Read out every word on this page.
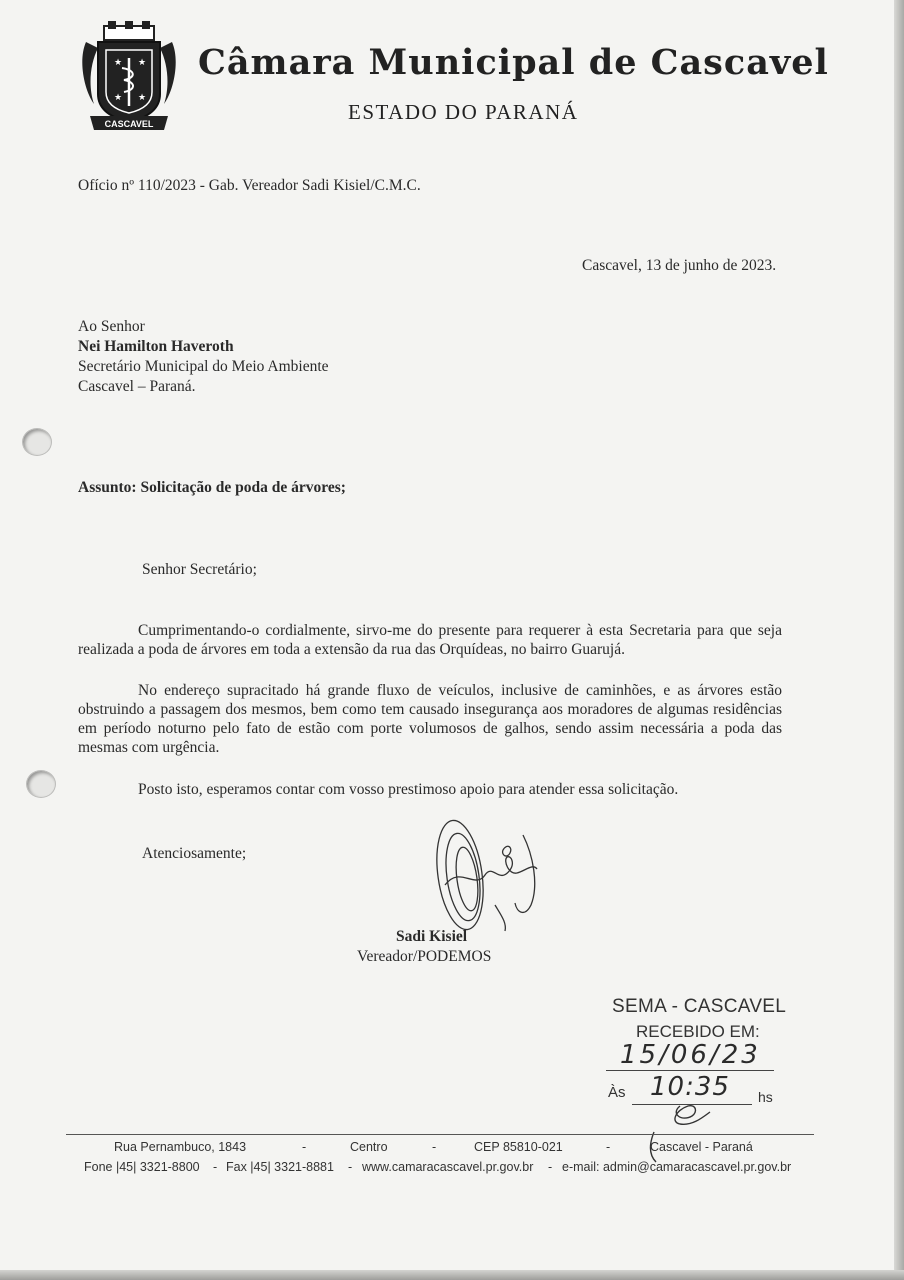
★ ★
★ ★
CASCAVEL
Câmara Municipal de Cascavel
ESTADO DO PARANÁ
Ofício nº 110/2023 - Gab. Vereador Sadi Kisiel/C.M.C.
Cascavel, 13 de junho de 2023.
Ao Senhor
Nei Hamilton Haveroth
Secretário Municipal do Meio Ambiente
Cascavel – Paraná.
Assunto: Solicitação de poda de árvores;
Senhor Secretário;

Cumprimentando-o cordialmente, sirvo-me do presente para requerer à esta Secretaria para que seja realizada a poda de árvores em toda a extensão da rua das Orquídeas, no bairro Guarujá.

No endereço supracitado há grande fluxo de veículos, inclusive de caminhões, e as árvores estão obstruindo a passagem dos mesmos, bem como tem causado insegurança aos moradores de algumas residências em período noturno pelo fato de estão com porte volumosos de galhos, sendo assim necessária a poda das mesmas com urgência.

Posto isto, esperamos contar com vosso prestimoso apoio para atender essa solicitação.

Atenciosamente;
Sadi Kisiel
Vereador/PODEMOS
SEMA - CASCAVEL
RECEBIDO EM:
15/06/23
Às 10:35 hs
Rua Pernambuco, 1843	-	Centro	-	CEP 85810-021	-	Cascavel - Paraná
Fone |45| 3321-8800 - Fax |45| 3321-8881 - www.camaracascavel.pr.gov.br - e-mail: admin@camaracascavel.pr.gov.br
